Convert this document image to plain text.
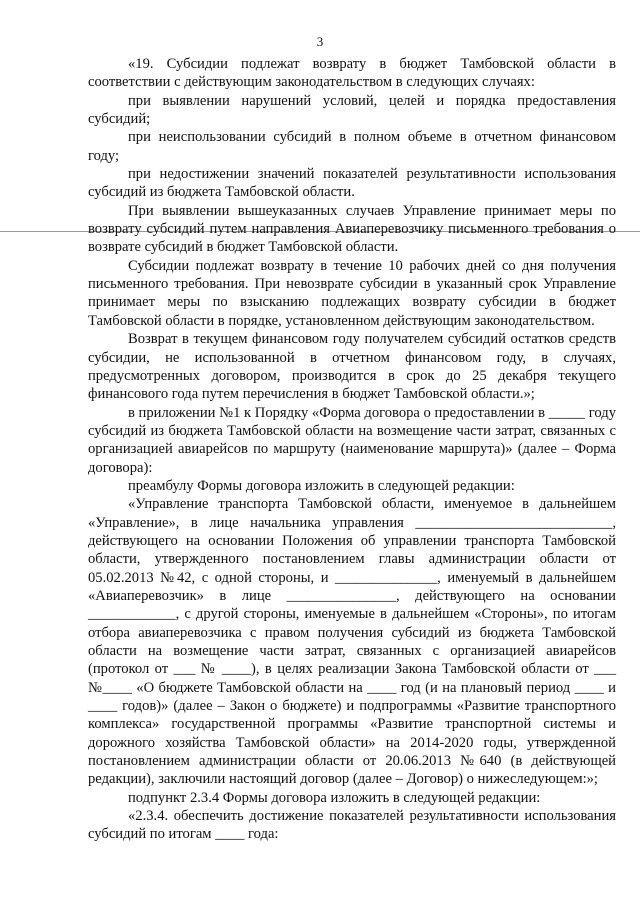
3

«19. Субсидии подлежат возврату в бюджет Тамбовской области в соответствии с действующим законодательством в следующих случаях:

при выявлении нарушений условий, целей и порядка предоставления субсидий;

при неиспользовании субсидий в полном объеме в отчетном финансовом году;

при недостижении значений показателей результативности использования субсидий из бюджета Тамбовской области.

При выявлении вышеуказанных случаев Управление принимает меры по возврату субсидий путем направления Авиаперевозчику письменного требования о возврате субсидий в бюджет Тамбовской области.

Субсидии подлежат возврату в течение 10 рабочих дней со дня получения письменного требования. При невозврате субсидии в указанный срок Управление принимает меры по взысканию подлежащих возврату субсидии в бюджет Тамбовской области в порядке, установленном действующим законодательством.

Возврат в текущем финансовом году получателем субсидий остатков средств субсидии, не использованной в отчетном финансовом году, в случаях, предусмотренных договором, производится в срок до 25 декабря текущего финансового года путем перечисления в бюджет Тамбовской области.»;

в приложении №1 к Порядку «Форма договора о предоставлении в _____ году субсидий из бюджета Тамбовской области на возмещение части затрат, связанных с организацией авиарейсов по маршруту (наименование маршрута)» (далее – Форма договора):

преамбулу Формы договора изложить в следующей редакции:

«Управление транспорта Тамбовской области, именуемое в дальнейшем «Управление», в лице начальника управления ___________________________, действующего на основании Положения об управлении транспорта Тамбовской области, утвержденного постановлением главы администрации области от 05.02.2013 №42, с одной стороны, и ______________, именуемый в дальнейшем «Авиаперевозчик» в лице _______________, действующего на основании ____________, с другой стороны, именуемые в дальнейшем «Стороны», по итогам отбора авиаперевозчика с правом получения субсидий из бюджета Тамбовской области на возмещение части затрат, связанных с организацией авиарейсов (протокол от ___ № ____), в целях реализации Закона Тамбовской области от ___ №____ «О бюджете Тамбовской области на ____ год (и на плановый период ____ и ____ годов)» (далее – Закон о бюджете) и подпрограммы «Развитие транспортного комплекса» государственной программы «Развитие транспортной системы и дорожного хозяйства Тамбовской области» на 2014-2020 годы, утвержденной постановлением администрации области от 20.06.2013 №640 (в действующей редакции), заключили настоящий договор (далее – Договор) о нижеследующем:»;

подпункт 2.3.4 Формы договора изложить в следующей редакции:

«2.3.4. обеспечить достижение показателей результативности использования субсидий по итогам ____ года:
